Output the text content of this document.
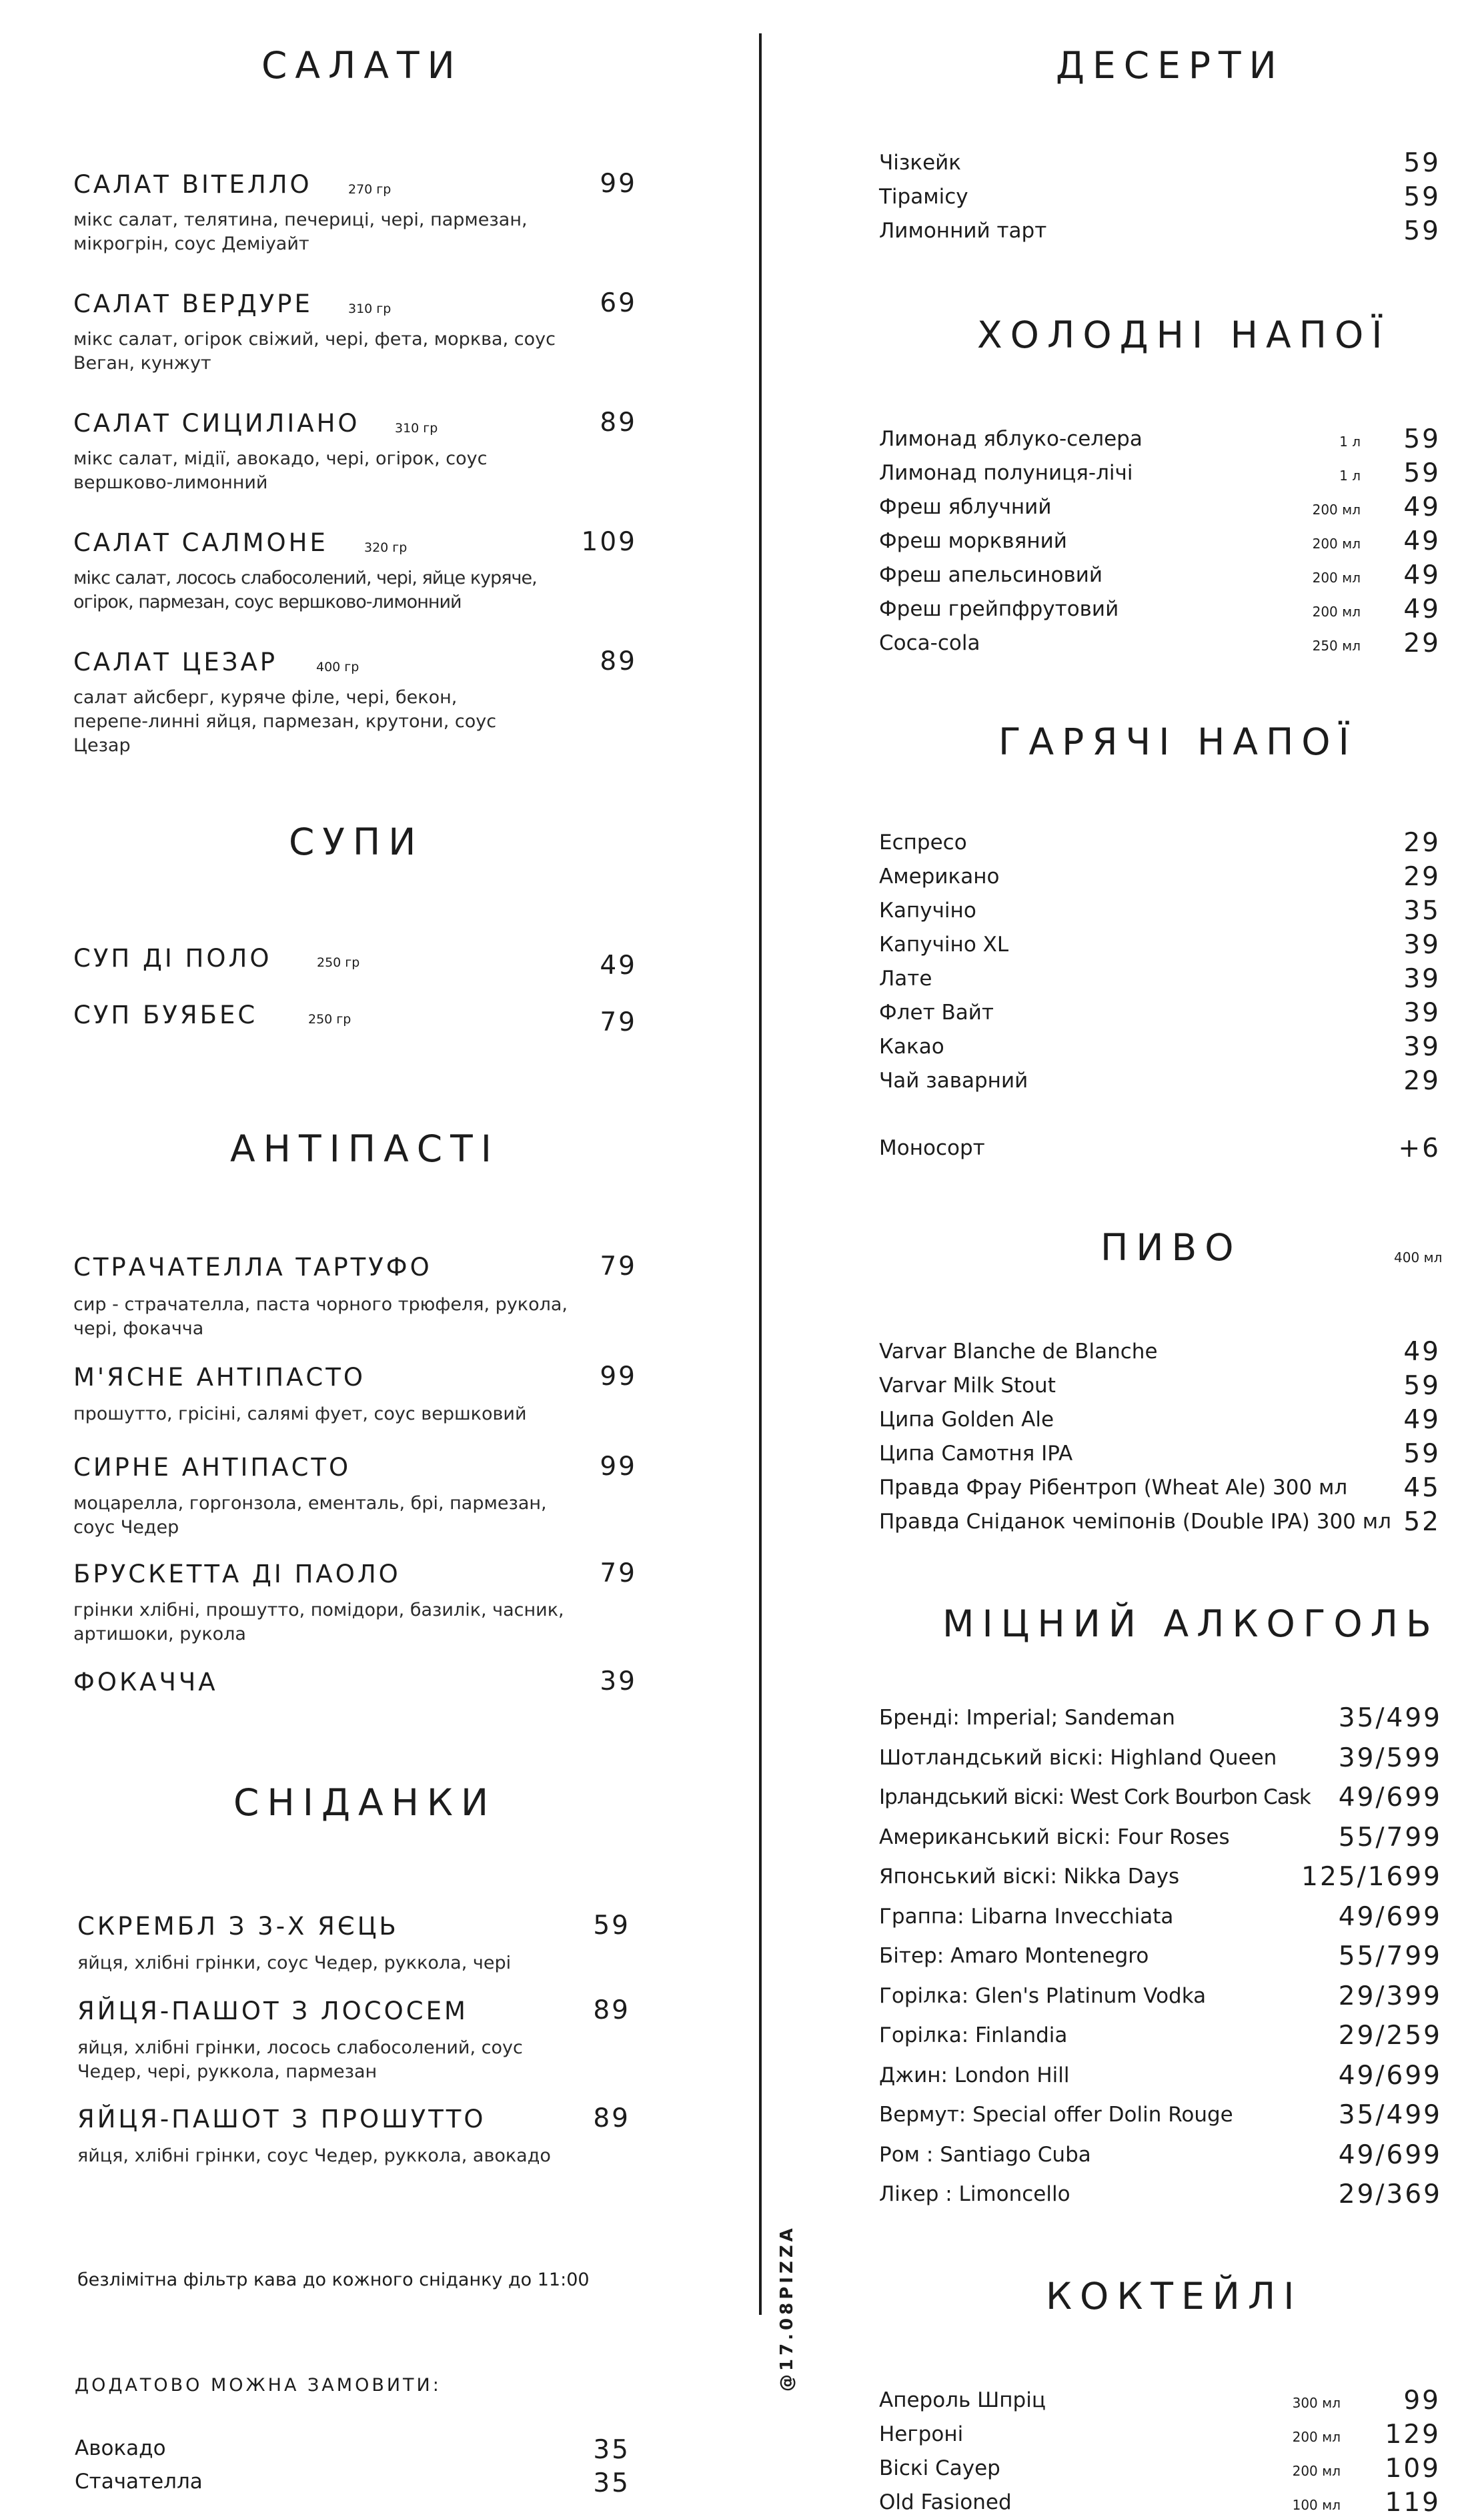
@17.08PIZZA
САЛАТИ
САЛАТ ВІТЕЛЛО	270 гр	99
мікс салат, телятина, печериці, чері, пармезан, мікрогрін, соус Деміуайт
САЛАТ ВЕРДУРЕ	310 гр	69
мікс салат, огірок свіжий, чері, фета, морква, соус Веган, кунжут
САЛАТ СИЦИЛІАНО	310 гр	89
мікс салат, мідії, авокадо, чері, огірок, соус вершково-лимонний
САЛАТ САЛМОНЕ	320 гр	109
мікс салат, лосось слабосолений, чері, яйце куряче, огірок, пармезан, соус вершково-лимонний
САЛАТ ЦЕЗАР	400 гр	89
салат айсберг, куряче філе, чері, бекон, перепе-линні яйця, пармезан, крутони, соус Цезар
СУПИ
СУП ДІ ПОЛО	250 гр	49
СУП БУЯБЕС	250 гр	79
АНТІПАСТІ
СТРАЧАТЕЛЛА ТАРТУФО	79
сир - страчателла, паста чорного трюфеля, рукола, чері, фокачча
М'ЯСНЕ АНТІПАСТО	99
прошутто, грісіні, салямі фует, соус вершковий
СИРНЕ АНТІПАСТО	99
моцарелла, горгонзола, ементаль, брі, пармезан, соус Чедер
БРУСКЕТТА ДІ ПАОЛО	79
грінки хлібні, прошутто, помідори, базилік, часник, артишоки, рукола
ФОКАЧЧА	39
СНІДАНКИ
СКРЕМБЛ З 3-Х ЯЄЦЬ	59
яйця, хлібні грінки, соус Чедер, руккола, чері
ЯЙЦЯ-ПАШОТ З ЛОСОСЕМ	89
яйця, хлібні грінки, лосось слабосолений, соус Чедер, чері, руккола, пармезан
ЯЙЦЯ-ПАШОТ З ПРОШУТТО	89
яйця, хлібні грінки, соус Чедер, руккола, авокадо
безлімітна фільтр кава до кожного сніданку до 11:00
ДОДАТОВО МОЖНА ЗАМОВИТИ:
Авокадо	35
Стачателла	35
ДЕСЕРТИ
Чізкейк	59
Тірамісу	59
Лимонний тарт	59
ХОЛОДНІ НАПОЇ
Лимонад яблуко-селера	1 л	59
Лимонад полуниця-лічі	1 л	59
Фреш яблучний	200 мл	49
Фреш морквяний	200 мл	49
Фреш апельсиновий	200 мл	49
Фреш грейпфрутовий	200 мл	49
Coca-cola	250 мл	29
ГАРЯЧІ НАПОЇ
Еспресо	29
Американо	29
Капучіно	35
Капучіно XL	39
Лате	39
Флет Вайт	39
Какао	39
Чай заварний	29
Моносорт	+6
ПИВО	400 мл
Varvar Blanche de Blanche	49
Varvar Milk Stout	59
Ципа Golden Ale	49
Ципа Самотня IPA	59
Правда Фрау Рібентроп (Wheat Ale) 300 мл	45
Правда Сніданок чеміпонів (Double IPA) 300 мл 52
МІЦНИЙ АЛКОГОЛЬ
Бренді: Imperial; Sandeman	35/499
Шотландський віскі: Highland Queen	39/599
Ірландський віскі: West Cork Bourbon Cask	49/699
Американський віскі: Four Roses	55/799
Японський віскі: Nikka Days	125/1699
Граппа: Libarna Invecchiata	49/699
Бітер: Amaro Montenegro	55/799
Горілка: Glen's Platinum Vodka	29/399
Горілка: Finlandia	29/259
Джин: London Hill	49/699
Вермут: Special offer Dolin Rouge	35/499
Ром : Santiago Cuba	49/699
Лікер : Limoncello	29/369
КОКТЕЙЛІ
Апероль Шпріц	300 мл	99
Негроні	200 мл	129
Віскі Сауер	200 мл	109
Old Fasioned	100 мл	119
